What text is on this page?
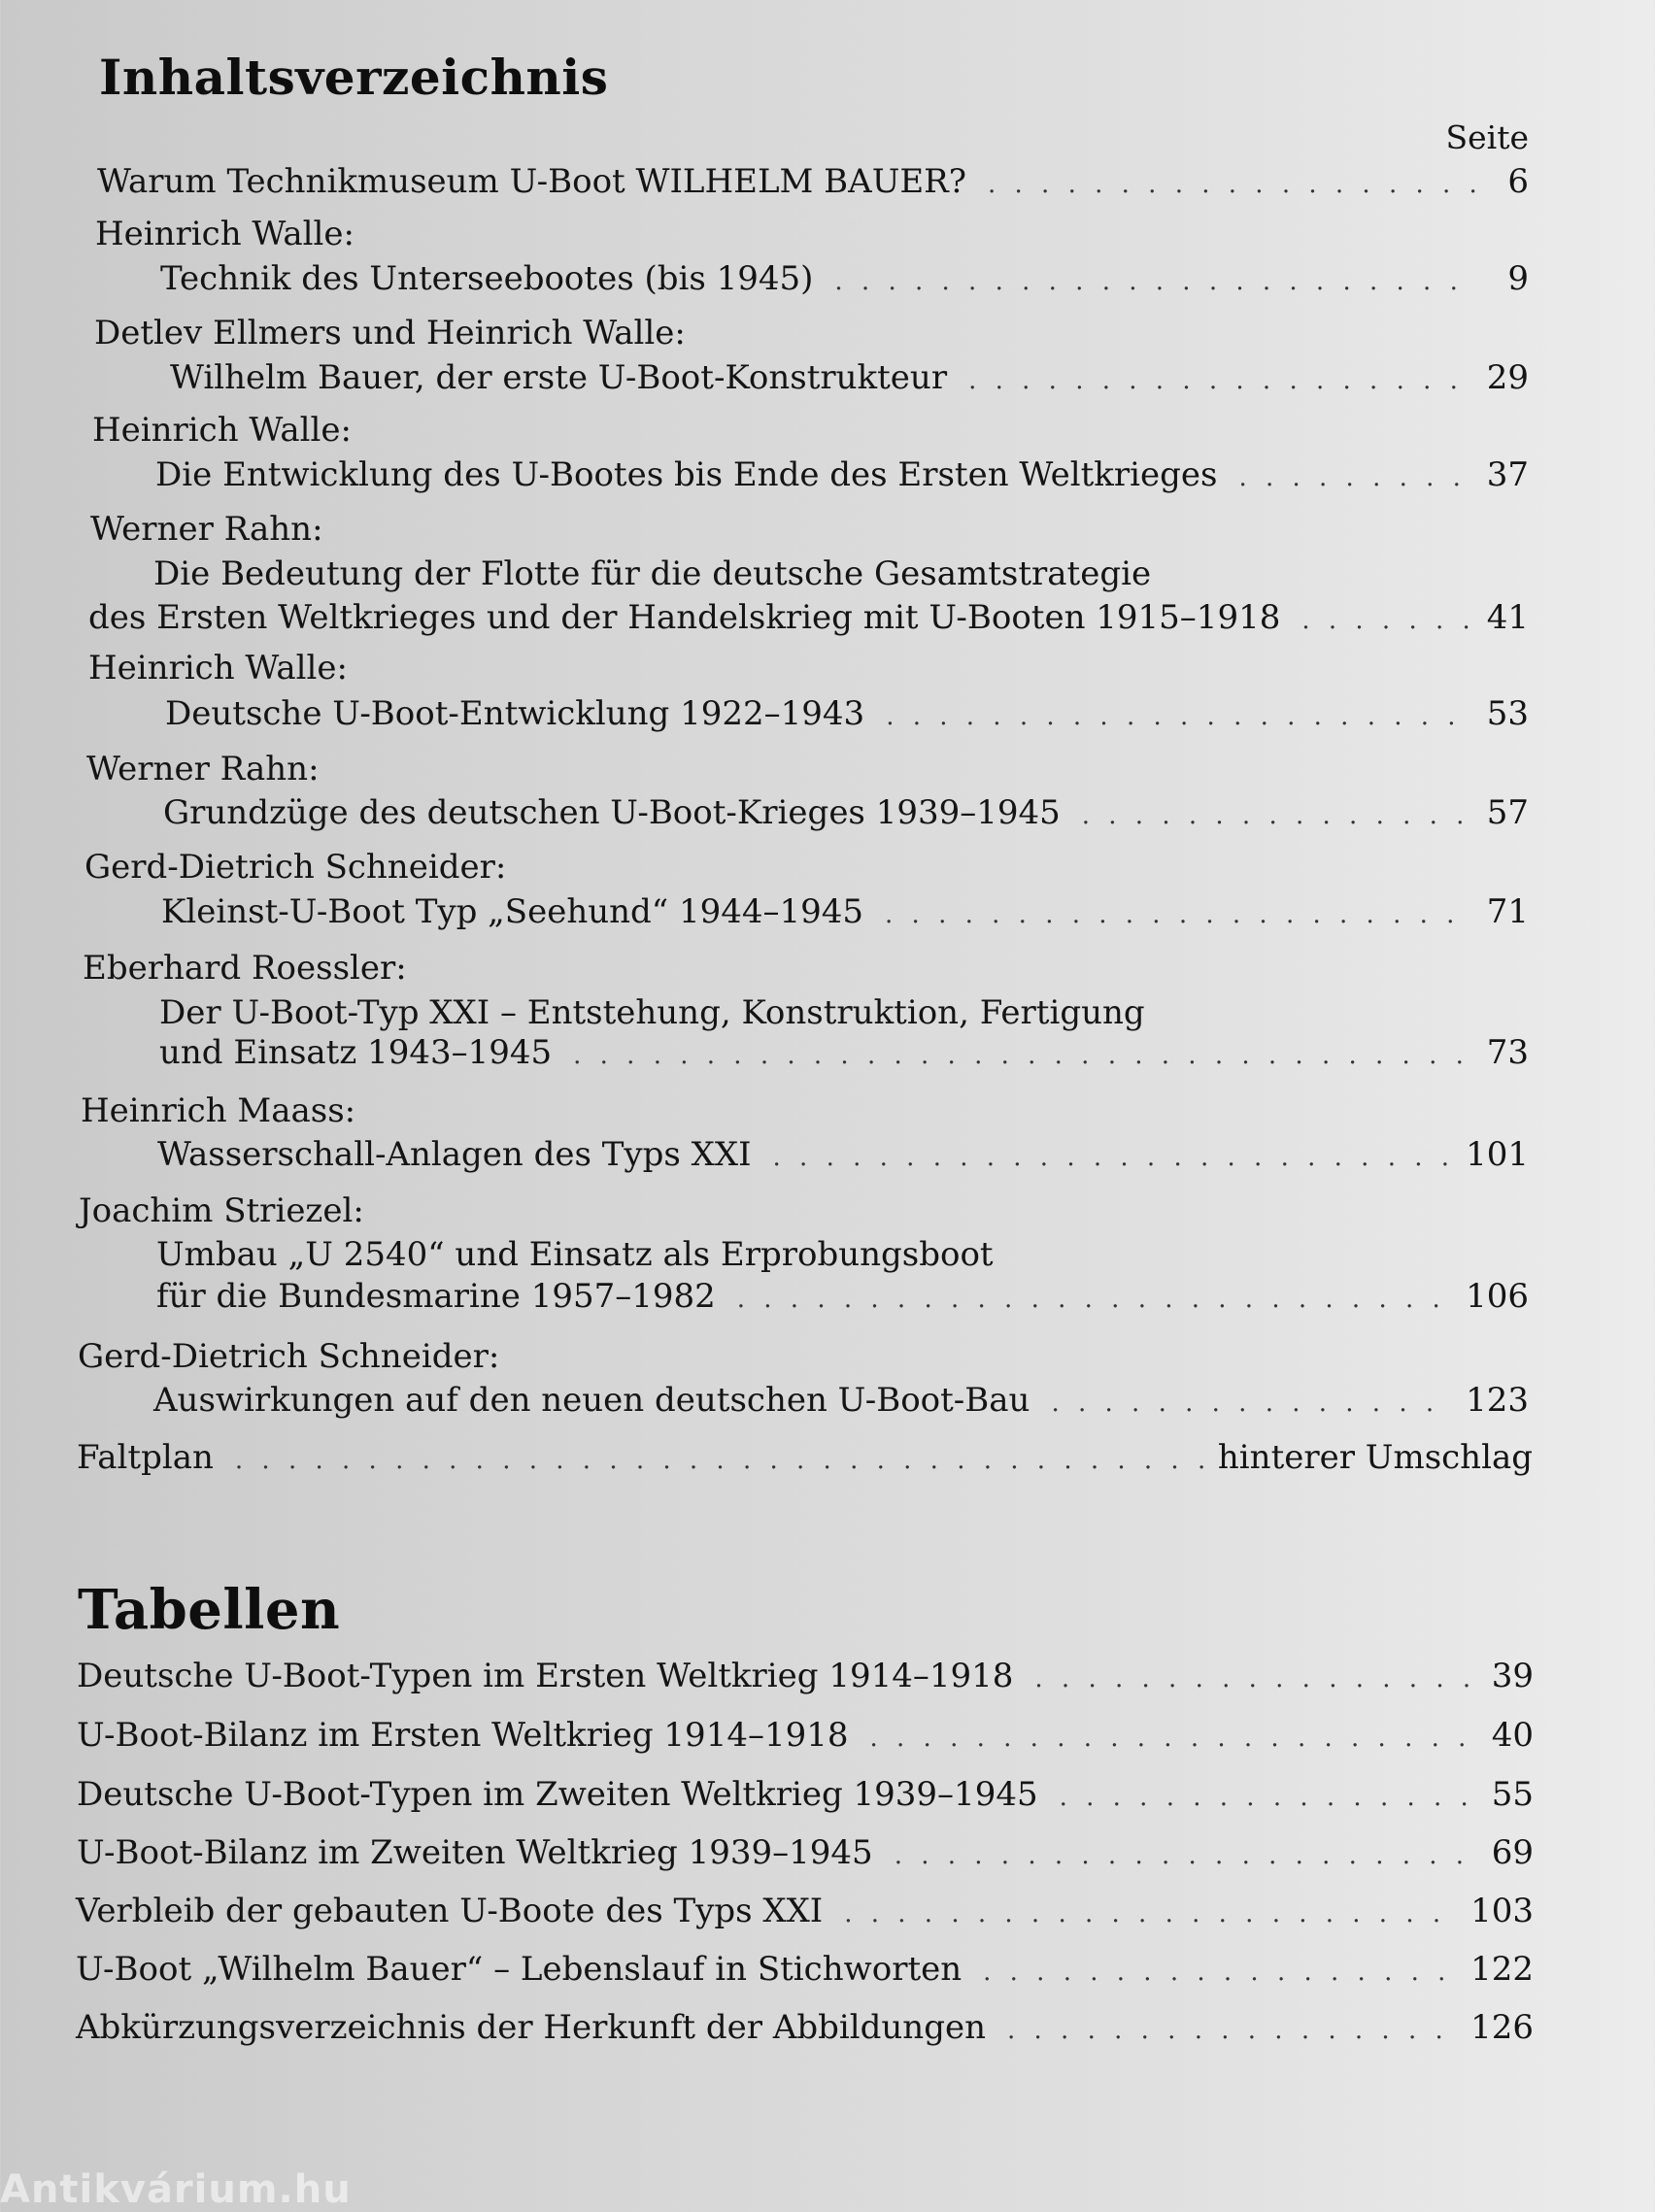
Inhaltsverzeichnis
Seite
Warum Technikmuseum U-Boot WILHELM BAUER? . . .	6
Heinrich Walle:
Technik des Unterseebootes (bis 1945) . . .	9
Detlev Ellmers und Heinrich Walle:
Wilhelm Bauer, der erste U-Boot-Konstrukteur . . .	29
Heinrich Walle:
Die Entwicklung des U-Bootes bis Ende des Ersten Weltkrieges . . .	37
Werner Rahn:
Die Bedeutung der Flotte für die deutsche Gesamtstrategie
des Ersten Weltkrieges und der Handelskrieg mit U-Booten 1915–1918 . . .	41
Heinrich Walle:
Deutsche U-Boot-Entwicklung 1922–1943 . . .	53
Werner Rahn:
Grundzüge des deutschen U-Boot-Krieges 1939–1945 . . .	57
Gerd-Dietrich Schneider:
Kleinst-U-Boot Typ „Seehund“ 1944–1945 . . .	71
Eberhard Roessler:
Der U-Boot-Typ XXI – Entstehung, Konstruktion, Fertigung
und Einsatz 1943–1945 . . .	73
Heinrich Maass:
Wasserschall-Anlagen des Typs XXI . . .	101
Joachim Striezel:
Umbau „U 2540“ und Einsatz als Erprobungsboot
für die Bundesmarine 1957–1982 . . .	106
Gerd-Dietrich Schneider:
Auswirkungen auf den neuen deutschen U-Boot-Bau . . .	123
Faltplan . . .	hinterer Umschlag
Tabellen
Deutsche U-Boot-Typen im Ersten Weltkrieg 1914–1918 . . .	39
U-Boot-Bilanz im Ersten Weltkrieg 1914–1918 . . .	40
Deutsche U-Boot-Typen im Zweiten Weltkrieg 1939–1945 . . .	55
U-Boot-Bilanz im Zweiten Weltkrieg 1939–1945 . . .	69
Verbleib der gebauten U-Boote des Typs XXI . . .	103
U-Boot „Wilhelm Bauer“ – Lebenslauf in Stichworten . . .	122
Abkürzungsverzeichnis der Herkunft der Abbildungen . . .	126
Antikvárium.hu
